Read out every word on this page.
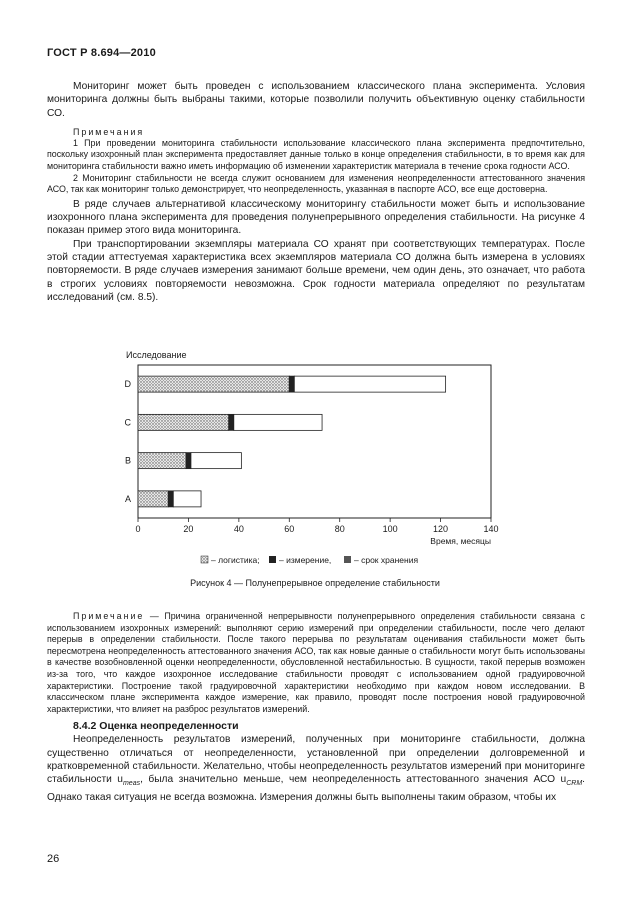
ГОСТ Р 8.694—2010

Мониторинг может быть проведен с использованием классического плана эксперимента. Условия мониторинга должны быть выбраны такими, которые позволили получить объективную оценку стабильности СО.

Примечания

1 При проведении мониторинга стабильности использование классического плана эксперимента предпочтительно, поскольку изохронный план эксперимента предоставляет данные только в конце определения стабильности, в то время как для мониторинга стабильности важно иметь информацию об изменении характеристик материала в течение срока годности АСО.

2 Мониторинг стабильности не всегда служит основанием для изменения неопределенности аттестованного значения АСО, так как мониторинг только демонстрирует, что неопределенность, указанная в паспорте АСО, все еще достоверна.

В ряде случаев альтернативой классическому мониторингу стабильности может быть и использование изохронного плана эксперимента для проведения полунепрерывного определения стабильности. На рисунке 4 показан пример этого вида мониторинга.

При транспортировании экземпляры материала СО хранят при соответствующих температурах. После этой стадии аттестуемая характеристика всех экземпляров материала СО должна быть измерена в условиях повторяемости. В ряде случаев измерения занимают больше времени, чем один день, это означает, что работа в строгих условиях повторяемости невозможна. Срок годности материала определяют по результатам исследований (см. 8.5).

Исследование
D
C
B
A
0	20	40	60	80	100	120	140
Время, месяцы
– логистика; – измерение,	– срок хранения
Рисунок 4 — Полунепрерывное определение стабильности

Примечание — Причина ограниченной непрерывности полунепрерывного определения стабильности связана с использованием изохронных измерений: выполняют серию измерений при определении стабильности, после чего делают перерыв в определении стабильности. После такого перерыва по результатам оценивания стабильности может быть пересмотрена неопределенность аттестованного значения АСО, так как новые данные о стабильности могут быть использованы в качестве возобновленной оценки неопределенности, обусловленной нестабильностью. В сущности, такой перерыв возможен из-за того, что каждое изохронное исследование стабильности проводят с использованием одной градуировочной характеристики. Построение такой градуировочной характеристики необходимо при каждом новом исследовании. В классическом плане эксперимента каждое измерение, как правило, проводят после построения новой градуировочной характеристики, что влияет на разброс результатов измерений.

8.4.2 Оценка неопределенности

Неопределенность результатов измерений, полученных при мониторинге стабильности, должна существенно отличаться от неопределенности, установленной при определении долговременной и кратковременной стабильности. Желательно, чтобы неопределенность результатов измерений при мониторинге стабильности $u_{meas}$, была значительно меньше, чем неопределенность аттестованного значения АСО $u_{CRM}$. Однако такая ситуация не всегда возможна. Измерения должны быть выполнены таким образом, чтобы их

26
